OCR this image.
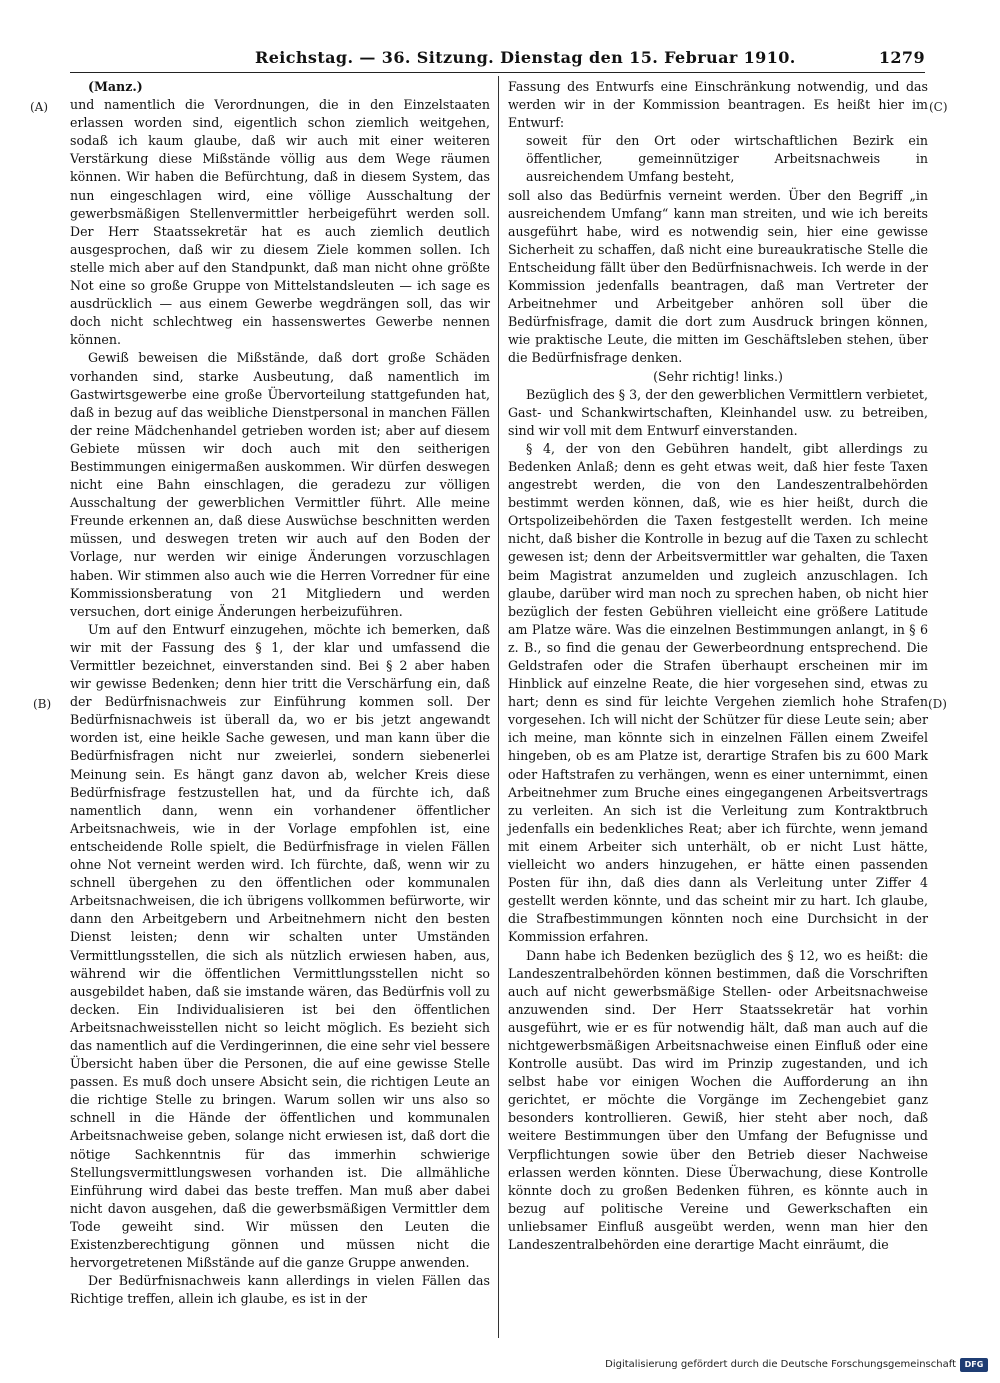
Reichstag. — 36. Sitzung. Dienstag den 15. Februar 1910.	1279
(A)
(B)
(C)
(D)

(Manz.)

und namentlich die Verordnungen, die in den Einzelstaaten erlassen worden sind, eigentlich schon ziemlich weitgehen, sodaß ich kaum glaube, daß wir auch mit einer weiteren Verstärkung diese Mißstände völlig aus dem Wege räumen können. Wir haben die Befürchtung, daß in diesem System, das nun eingeschlagen wird, eine völlige Ausschaltung der gewerbsmäßigen Stellenvermittler herbeigeführt werden soll. Der Herr Staatssekretär hat es auch ziemlich deutlich ausgesprochen, daß wir zu diesem Ziele kommen sollen. Ich stelle mich aber auf den Standpunkt, daß man nicht ohne größte Not eine so große Gruppe von Mittelstandsleuten — ich sage es ausdrücklich — aus einem Gewerbe wegdrängen soll, das wir doch nicht schlechtweg ein hassenswertes Gewerbe nennen können.

Gewiß beweisen die Mißstände, daß dort große Schäden vorhanden sind, starke Ausbeutung, daß namentlich im Gastwirtsgewerbe eine große Übervorteilung stattgefunden hat, daß in bezug auf das weibliche Dienstpersonal in manchen Fällen der reine Mädchenhandel getrieben worden ist; aber auf diesem Gebiete müssen wir doch auch mit den seitherigen Bestimmungen einigermaßen auskommen. Wir dürfen deswegen nicht eine Bahn einschlagen, die geradezu zur völligen Ausschaltung der gewerblichen Vermittler führt. Alle meine Freunde erkennen an, daß diese Auswüchse beschnitten werden müssen, und deswegen treten wir auch auf den Boden der Vorlage, nur werden wir einige Änderungen vorzuschlagen haben. Wir stimmen also auch wie die Herren Vorredner für eine Kommissionsberatung von 21 Mitgliedern und werden versuchen, dort einige Änderungen herbeizuführen.

Um auf den Entwurf einzugehen, möchte ich bemerken, daß wir mit der Fassung des § 1, der klar und umfassend die Vermittler bezeichnet, einverstanden sind. Bei § 2 aber haben wir gewisse Bedenken; denn hier tritt die Verschärfung ein, daß der Bedürfnisnachweis zur Einführung kommen soll. Der Bedürfnisnachweis ist überall da, wo er bis jetzt angewandt worden ist, eine heikle Sache gewesen, und man kann über die Bedürfnisfragen nicht nur zweierlei, sondern siebenerlei Meinung sein. Es hängt ganz davon ab, welcher Kreis diese Bedürfnisfrage festzustellen hat, und da fürchte ich, daß namentlich dann, wenn ein vorhandener öffentlicher Arbeitsnachweis, wie in der Vorlage empfohlen ist, eine entscheidende Rolle spielt, die Bedürfnisfrage in vielen Fällen ohne Not verneint werden wird. Ich fürchte, daß, wenn wir zu schnell übergehen zu den öffentlichen oder kommunalen Arbeitsnachweisen, die ich übrigens vollkommen befürworte, wir dann den Arbeitgebern und Arbeitnehmern nicht den besten Dienst leisten; denn wir schalten unter Umständen Vermittlungsstellen, die sich als nützlich erwiesen haben, aus, während wir die öffentlichen Vermittlungsstellen nicht so ausgebildet haben, daß sie imstande wären, das Bedürfnis voll zu decken. Ein Individualisieren ist bei den öffentlichen Arbeitsnachweisstellen nicht so leicht möglich. Es bezieht sich das namentlich auf die Verdingerinnen, die eine sehr viel bessere Übersicht haben über die Personen, die auf eine gewisse Stelle passen. Es muß doch unsere Absicht sein, die richtigen Leute an die richtige Stelle zu bringen. Warum sollen wir uns also so schnell in die Hände der öffentlichen und kommunalen Arbeitsnachweise geben, solange nicht erwiesen ist, daß dort die nötige Sachkenntnis für das immerhin schwierige Stellungsvermittlungswesen vorhanden ist. Die allmähliche Einführung wird dabei das beste treffen. Man muß aber dabei nicht davon ausgehen, daß die gewerbsmäßigen Vermittler dem Tode geweiht sind. Wir müssen den Leuten die Existenzberechtigung gönnen und müssen nicht die hervorgetretenen Mißstände auf die ganze Gruppe anwenden.

Der Bedürfnisnachweis kann allerdings in vielen Fällen das Richtige treffen, allein ich glaube, es ist in der

Fassung des Entwurfs eine Einschränkung notwendig, und das werden wir in der Kommission beantragen. Es heißt hier im Entwurf:

soweit für den Ort oder wirtschaftlichen Bezirk ein öffentlicher, gemeinnütziger Arbeitsnachweis in ausreichendem Umfang besteht,

soll also das Bedürfnis verneint werden. Über den Begriff „in ausreichendem Umfang“ kann man streiten, und wie ich bereits ausgeführt habe, wird es notwendig sein, hier eine gewisse Sicherheit zu schaffen, daß nicht eine bureaukratische Stelle die Entscheidung fällt über den Bedürfnisnachweis. Ich werde in der Kommission jedenfalls beantragen, daß man Vertreter der Arbeitnehmer und Arbeitgeber anhören soll über die Bedürfnisfrage, damit die dort zum Ausdruck bringen können, wie praktische Leute, die mitten im Geschäftsleben stehen, über die Bedürfnisfrage denken.

(Sehr richtig! links.)

Bezüglich des § 3, der den gewerblichen Vermittlern verbietet, Gast- und Schankwirtschaften, Kleinhandel usw. zu betreiben, sind wir voll mit dem Entwurf einverstanden.

§ 4, der von den Gebühren handelt, gibt allerdings zu Bedenken Anlaß; denn es geht etwas weit, daß hier feste Taxen angestrebt werden, die von den Landeszentralbehörden bestimmt werden können, daß, wie es hier heißt, durch die Ortspolizeibehörden die Taxen festgestellt werden. Ich meine nicht, daß bisher die Kontrolle in bezug auf die Taxen zu schlecht gewesen ist; denn der Arbeitsvermittler war gehalten, die Taxen beim Magistrat anzumelden und zugleich anzuschlagen. Ich glaube, darüber wird man noch zu sprechen haben, ob nicht hier bezüglich der festen Gebühren vielleicht eine größere Latitude am Platze wäre. Was die einzelnen Bestimmungen anlangt, in § 6 z. B., so find die genau der Gewerbeordnung entsprechend. Die Geldstrafen oder die Strafen überhaupt erscheinen mir im Hinblick auf einzelne Reate, die hier vorgesehen sind, etwas zu hart; denn es sind für leichte Vergehen ziemlich hohe Strafen vorgesehen. Ich will nicht der Schützer für diese Leute sein; aber ich meine, man könnte sich in einzelnen Fällen einem Zweifel hingeben, ob es am Platze ist, derartige Strafen bis zu 600 Mark oder Haftstrafen zu verhängen, wenn es einer unternimmt, einen Arbeitnehmer zum Bruche eines eingegangenen Arbeitsvertrags zu verleiten. An sich ist die Verleitung zum Kontraktbruch jedenfalls ein bedenkliches Reat; aber ich fürchte, wenn jemand mit einem Arbeiter sich unterhält, ob er nicht Lust hätte, vielleicht wo anders hinzugehen, er hätte einen passenden Posten für ihn, daß dies dann als Verleitung unter Ziffer 4 gestellt werden könnte, und das scheint mir zu hart. Ich glaube, die Strafbestimmungen könnten noch eine Durchsicht in der Kommission erfahren.

Dann habe ich Bedenken bezüglich des § 12, wo es heißt: die Landeszentralbehörden können bestimmen, daß die Vorschriften auch auf nicht gewerbsmäßige Stellen- oder Arbeitsnachweise anzuwenden sind. Der Herr Staatssekretär hat vorhin ausgeführt, wie er es für notwendig hält, daß man auch auf die nichtgewerbsmäßigen Arbeitsnachweise einen Einfluß oder eine Kontrolle ausübt. Das wird im Prinzip zugestanden, und ich selbst habe vor einigen Wochen die Aufforderung an ihn gerichtet, er möchte die Vorgänge im Zechengebiet ganz besonders kontrollieren. Gewiß, hier steht aber noch, daß weitere Bestimmungen über den Umfang der Befugnisse und Verpflichtungen sowie über den Betrieb dieser Nachweise erlassen werden könnten. Diese Überwachung, diese Kontrolle könnte doch zu großen Bedenken führen, es könnte auch in bezug auf politische Vereine und Gewerkschaften ein unliebsamer Einfluß ausgeübt werden, wenn man hier den Landeszentralbehörden eine derartige Macht einräumt, die

Digitalisierung gefördert durch die Deutsche Forschungsgemeinschaft	DFG
